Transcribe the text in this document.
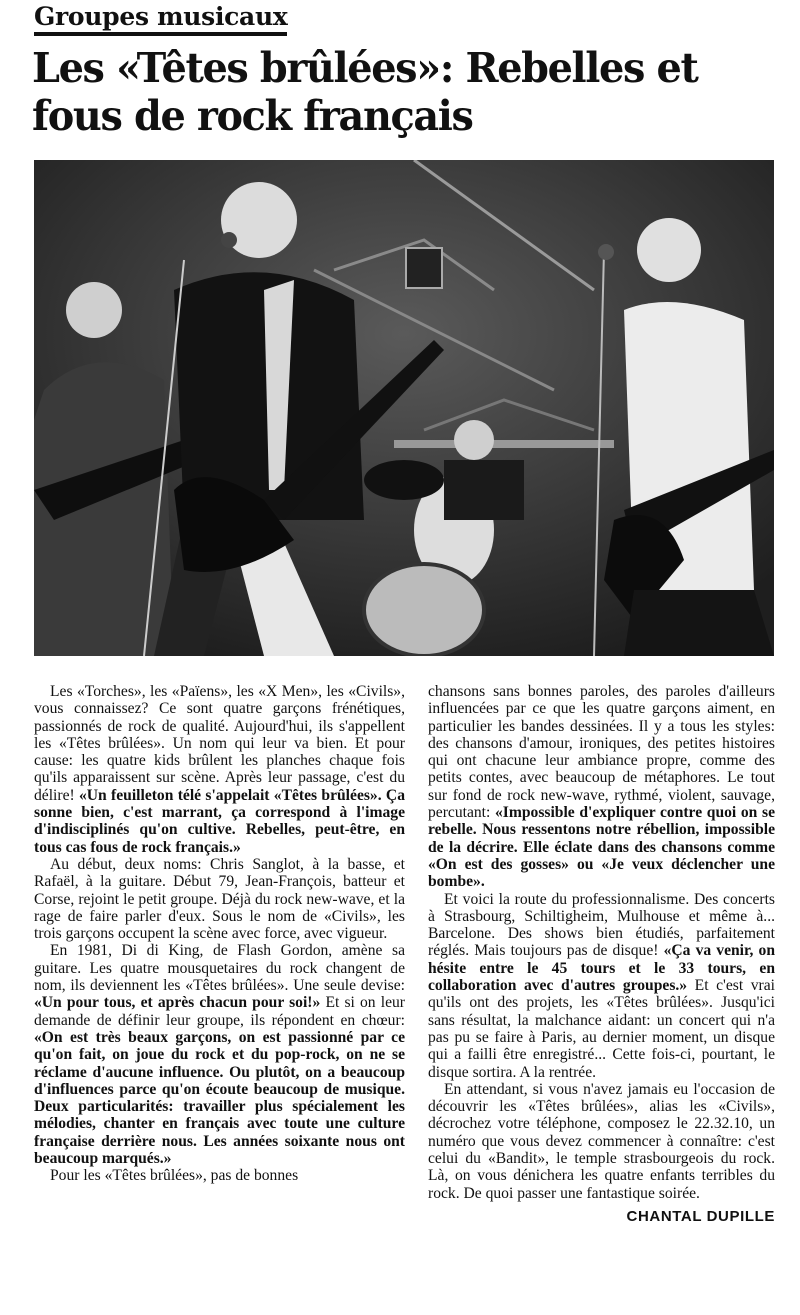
Groupes musicaux
Les «Têtes brûlées»: Rebelles et fous de rock français

Les «Torches», les «Païens», les «X Men», les «Civils», vous connaissez? Ce sont quatre garçons frénétiques, passionnés de rock de qualité. Aujourd'hui, ils s'appellent les «Têtes brûlées». Un nom qui leur va bien. Et pour cause: les quatre kids brûlent les planches chaque fois qu'ils apparaissent sur scène. Après leur passage, c'est du délire! «Un feuilleton télé s'appelait «Têtes brûlées». Ça sonne bien, c'est marrant, ça correspond à l'image d'indisciplinés qu'on cultive. Rebelles, peut-être, en tous cas fous de rock français.»

Au début, deux noms: Chris Sanglot, à la basse, et Rafaël, à la guitare. Début 79, Jean-François, batteur et Corse, rejoint le petit groupe. Déjà du rock new-wave, et la rage de faire parler d'eux. Sous le nom de «Civils», les trois garçons occupent la scène avec force, avec vigueur.

En 1981, Di di King, de Flash Gordon, amène sa guitare. Les quatre mousquetaires du rock changent de nom, ils deviennent les «Têtes brûlées». Une seule devise: «Un pour tous, et après chacun pour soi!» Et si on leur demande de définir leur groupe, ils répondent en chœur: «On est très beaux garçons, on est passionné par ce qu'on fait, on joue du rock et du pop-rock, on ne se réclame d'aucune influence. Ou plutôt, on a beaucoup d'influences parce qu'on écoute beaucoup de musique. Deux particularités: travailler plus spécialement les mélodies, chanter en français avec toute une culture française derrière nous. Les années soixante nous ont beaucoup marqués.»

Pour les «Têtes brûlées», pas de bonnes

chansons sans bonnes paroles, des paroles d'ailleurs influencées par ce que les quatre garçons aiment, en particulier les bandes dessinées. Il y a tous les styles: des chansons d'amour, ironiques, des petites histoires qui ont chacune leur ambiance propre, comme des petits contes, avec beaucoup de métaphores. Le tout sur fond de rock new-wave, rythmé, violent, sauvage, percutant: «Impossible d'expliquer contre quoi on se rebelle. Nous ressentons notre rébellion, impossible de la décrire. Elle éclate dans des chansons comme «On est des gosses» ou «Je veux déclencher une bombe».

Et voici la route du professionnalisme. Des concerts à Strasbourg, Schiltigheim, Mulhouse et même à... Barcelone. Des shows bien étudiés, parfaitement réglés. Mais toujours pas de disque! «Ça va venir, on hésite entre le 45 tours et le 33 tours, en collaboration avec d'autres groupes.» Et c'est vrai qu'ils ont des projets, les «Têtes brûlées». Jusqu'ici sans résultat, la malchance aidant: un concert qui n'a pas pu se faire à Paris, au dernier moment, un disque qui a failli être enregistré... Cette fois-ci, pourtant, le disque sortira. A la rentrée.

En attendant, si vous n'avez jamais eu l'occasion de découvrir les «Têtes brûlées», alias les «Civils», décrochez votre téléphone, composez le 22.32.10, un numéro que vous devez commencer à connaître: c'est celui du «Bandit», le temple strasbourgeois du rock. Là, on vous dénichera les quatre enfants terribles du rock. De quoi passer une fantastique soirée.

CHANTAL DUPILLE
